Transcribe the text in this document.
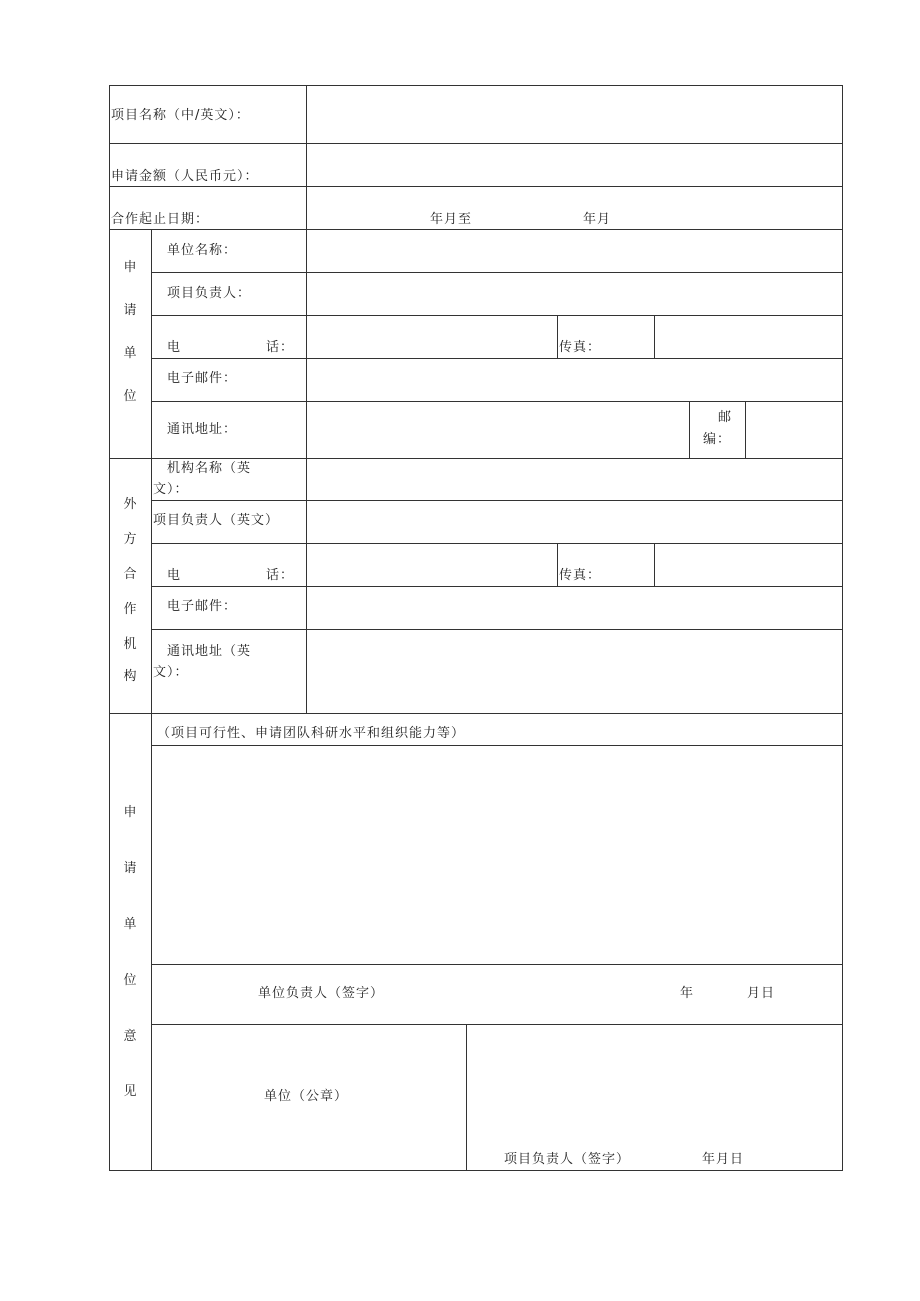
项目名称（中/英文）：
申请金额（人民币元）：
合作起止日期：	年月至	年月
申
请
单
位
单位名称：
项目负责人：
电	话：	传真：
电子邮件：
通讯地址：
邮
编：
外
方
合
作
机
构
机构名称（英
文）：
项目负责人（英文）
电	话：	传真：
电子邮件：
通讯地址（英
文）：
申
请
单
位
意
见
（项目可行性、申请团队科研水平和组织能力等）
单位负责人（签字）	年	月日
单位（公章）
项目负责人（签字）	年月日
